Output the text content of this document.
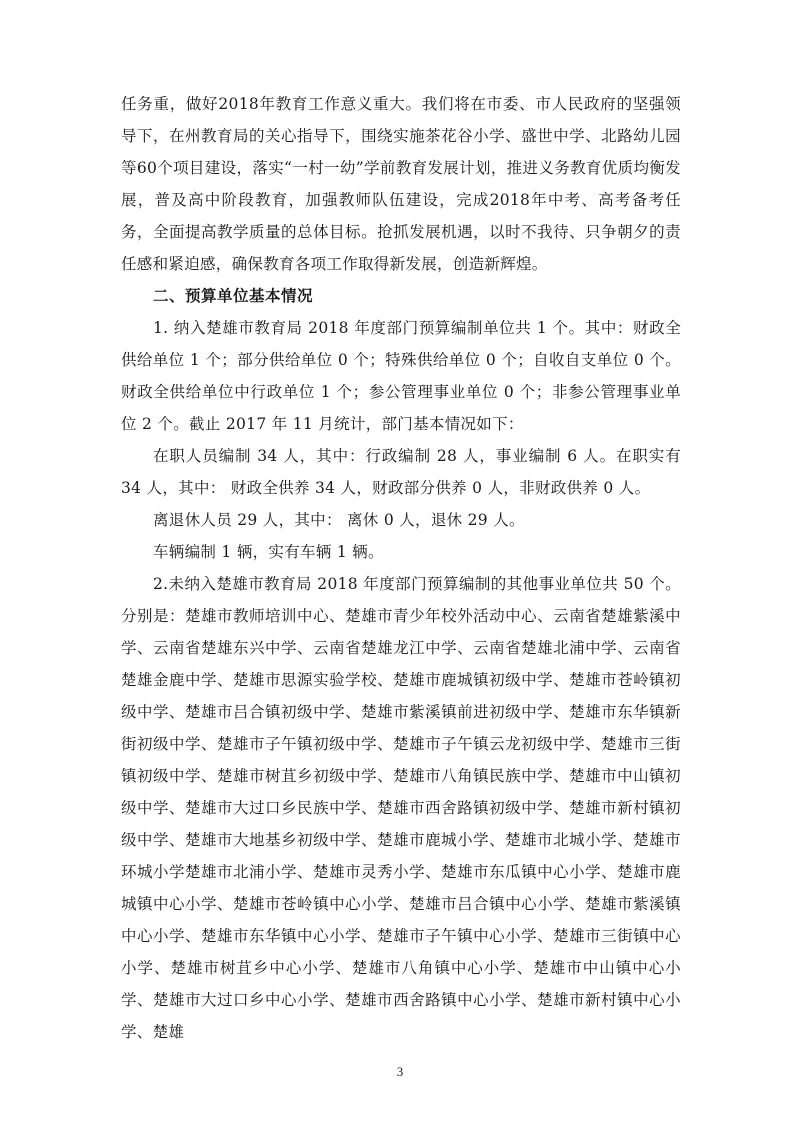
任务重，做好2018年教育工作意义重大。我们将在市委、市人民政府的坚强领导下，在州教育局的关心指导下，围绕实施茶花谷小学、盛世中学、北路幼儿园等60个项目建设，落实“一村一幼”学前教育发展计划，推进义务教育优质均衡发展，普及高中阶段教育，加强教师队伍建设，完成2018年中考、高考备考任务，全面提高教学质量的总体目标。抢抓发展机遇，以时不我待、只争朝夕的责任感和紧迫感，确保教育各项工作取得新发展，创造新辉煌。

二、预算单位基本情况

1. 纳入楚雄市教育局 2018 年度部门预算编制单位共 1 个。其中：财政全供给单位 1 个；部分供给单位 0 个；特殊供给单位 0 个；自收自支单位 0 个。财政全供给单位中行政单位 1 个；参公管理事业单位 0 个；非参公管理事业单位 2 个。截止 2017 年 11 月统计，部门基本情况如下：

在职人员编制 34 人，其中：行政编制 28 人，事业编制 6 人。在职实有 34 人，其中： 财政全供养 34 人，财政部分供养 0 人，非财政供养 0 人。

离退休人员 29 人，其中： 离休 0 人，退休 29 人。

车辆编制 1 辆，实有车辆 1 辆。

2.未纳入楚雄市教育局 2018 年度部门预算编制的其他事业单位共 50 个。分别是：楚雄市教师培训中心、楚雄市青少年校外活动中心、云南省楚雄紫溪中学、云南省楚雄东兴中学、云南省楚雄龙江中学、云南省楚雄北浦中学、云南省楚雄金鹿中学、楚雄市思源实验学校、楚雄市鹿城镇初级中学、楚雄市苍岭镇初级中学、楚雄市吕合镇初级中学、楚雄市紫溪镇前进初级中学、楚雄市东华镇新街初级中学、楚雄市子午镇初级中学、楚雄市子午镇云龙初级中学、楚雄市三街镇初级中学、楚雄市树苴乡初级中学、楚雄市八角镇民族中学、楚雄市中山镇初级中学、楚雄市大过口乡民族中学、楚雄市西舍路镇初级中学、楚雄市新村镇初级中学、楚雄市大地基乡初级中学、楚雄市鹿城小学、楚雄市北城小学、楚雄市环城小学楚雄市北浦小学、楚雄市灵秀小学、楚雄市东瓜镇中心小学、楚雄市鹿城镇中心小学、楚雄市苍岭镇中心小学、楚雄市吕合镇中心小学、楚雄市紫溪镇中心小学、楚雄市东华镇中心小学、楚雄市子午镇中心小学、楚雄市三街镇中心小学、楚雄市树苴乡中心小学、楚雄市八角镇中心小学、楚雄市中山镇中心小学、楚雄市大过口乡中心小学、楚雄市西舍路镇中心小学、楚雄市新村镇中心小学、楚雄

3
